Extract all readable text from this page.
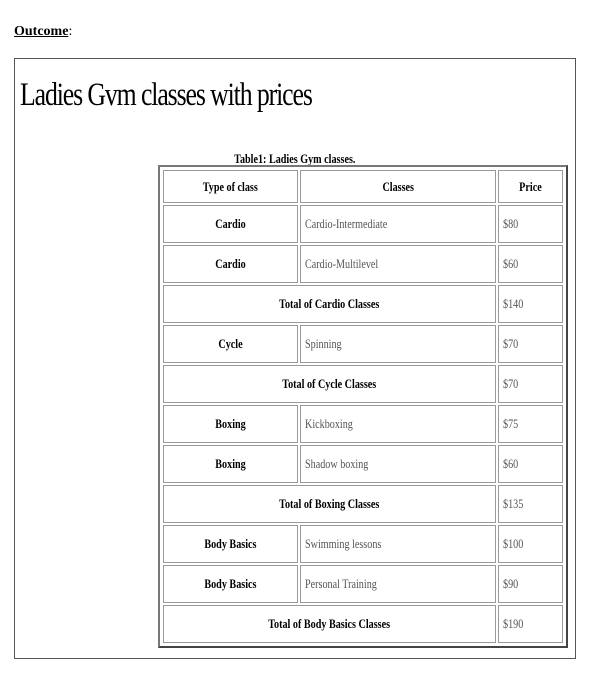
Outcome:
Ladies Gvm classes with prices
Table1: Ladies Gym classes.
Type of class	Classes	Price
Cardio	Cardio-Intermediate	$80
Cardio	Cardio-Multilevel	$60
Total of Cardio Classes		$140
Cycle	Spinning	$70
Total of Cycle Classes		$70
Boxing	Kickboxing	$75
Boxing	Shadow boxing	$60
Total of Boxing Classes		$135
Body Basics	Swimming lessons	$100
Body Basics	Personal Training	$90
Total of Body Basics Classes		$190
